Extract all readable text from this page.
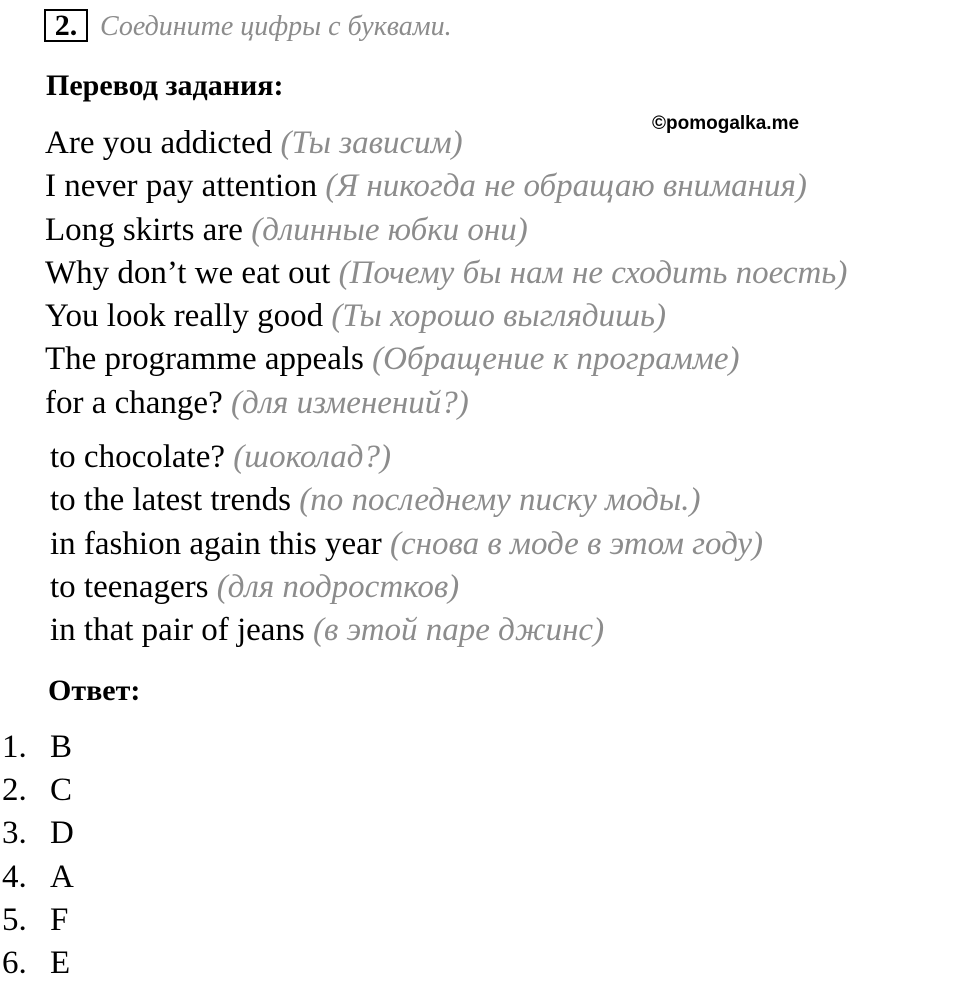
2. Соедините цифры с буквами.
Перевод задания:
©pomogalka.me
Are you addicted (Ты зависим)
I never pay attention (Я никогда не обращаю внимания)
Long skirts are (длинные юбки они)
Why don’t we eat out (Почему бы нам не сходить поесть)
You look really good (Ты хорошо выглядишь)
The programme appeals (Обращение к программе)
for a change? (для изменений?)
to chocolate? (шоколад?)
to the latest trends (по последнему писку моды.)
in fashion again this year (снова в моде в этом году)
to teenagers (для подростков)
in that pair of jeans (в этой паре джинс)
Ответ:
1. B
2. C
3. D
4. A
5. F
6. E
